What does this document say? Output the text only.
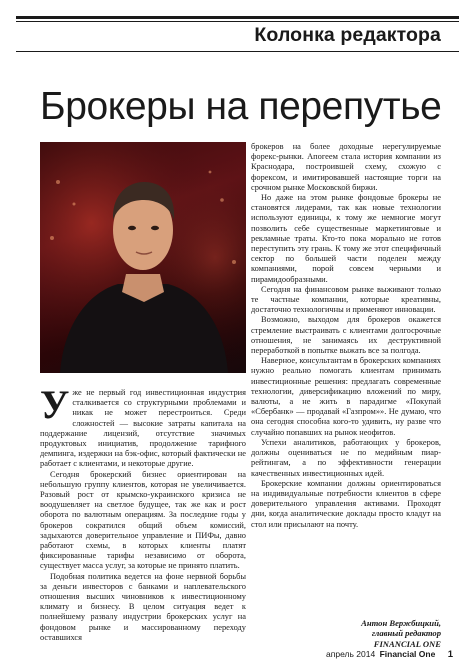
Колонка редактора
Брокеры на перепутье

Уже не первый год инвестиционная индустрия сталкивается со структурными проблемами и никак не может перестроиться. Среди сложностей — высокие затраты капитала на поддержание лицензий, отсутствие значимых продуктовых инициатив, продолжение тарифного демпинга, издержки на бэк-офис, который фактически не работает с клиентами, и некоторые другие.

Сегодня брокерский бизнес ориентирован на небольшую группу клиентов, которая не увеличивается. Разовый рост от крымско-украинского кризиса не воодушевляет на светлое будущее, так же как и рост оборота по валютным операциям. За последние годы у брокеров сократился общий объем комиссий, задыхаются доверительное управление и ПИФы, давно работают схемы, в которых клиенты платят фиксированные тарифы независимо от оборота, существует масса услуг, за которые не принято платить.

Подобная политика ведется на фоне нервной борьбы за деньги инвесторов с банками и наплевательского отношения высших чиновников к инвестиционному климату и бизнесу. В целом ситуация ведет к полнейшему развалу индустрии брокерских услуг на фондовом рынке и массированному переходу оставшихся

брокеров на более доходные нерегулируемые форекс-рынки. Апогеем стала история компании из Краснодара, построившей схему, схожую с форексом, и имитировавшей настоящие торги на срочном рынке Московской биржи.

Но даже на этом рынке фондовые брокеры не становятся лидерами, так как новые технологии используют единицы, к тому же немногие могут позволить себе существенные маркетинговые и рекламные траты. Кто-то пока морально не готов переступить эту грань. К тому же этот специфичный сектор по большей части поделен между компаниями, порой совсем черными и пирамидообразными.

Сегодня на финансовом рынке выживают только те частные компании, которые креативны, достаточно технологичны и применяют инновации.

Возможно, выходом для брокеров окажется стремление выстраивать с клиентами долгосрочные отношения, не занимаясь их деструктивной переработкой в попытке выжать все за полгода.

Наверное, консультантам в брокерских компаниях нужно реально помогать клиентам принимать инвестиционные решения: предлагать современные технологии, диверсификацию вложений по миру, валюты, а не жить в парадигме «Покупай «Сбербанк» — продавай «Газпром»». Не думаю, что она сегодня способна кого-то удивить, ну разве что случайно попавших на рынок неофитов.

Успехи аналитиков, работающих у брокеров, должны оцениваться не по медийным пиар-рейтингам, а по эффективности генерации качественных инвестиционных идей.

Брокерские компании должны ориентироваться на индивидуальные потребности клиентов в сфере доверительного управления активами. Проходят дни, когда аналитические доклады просто кладут на стол или присылают на почту.

Антон Вержбицкий,
главный редактор
FINANCIAL ONE
апрель 2014 Financial One 1
